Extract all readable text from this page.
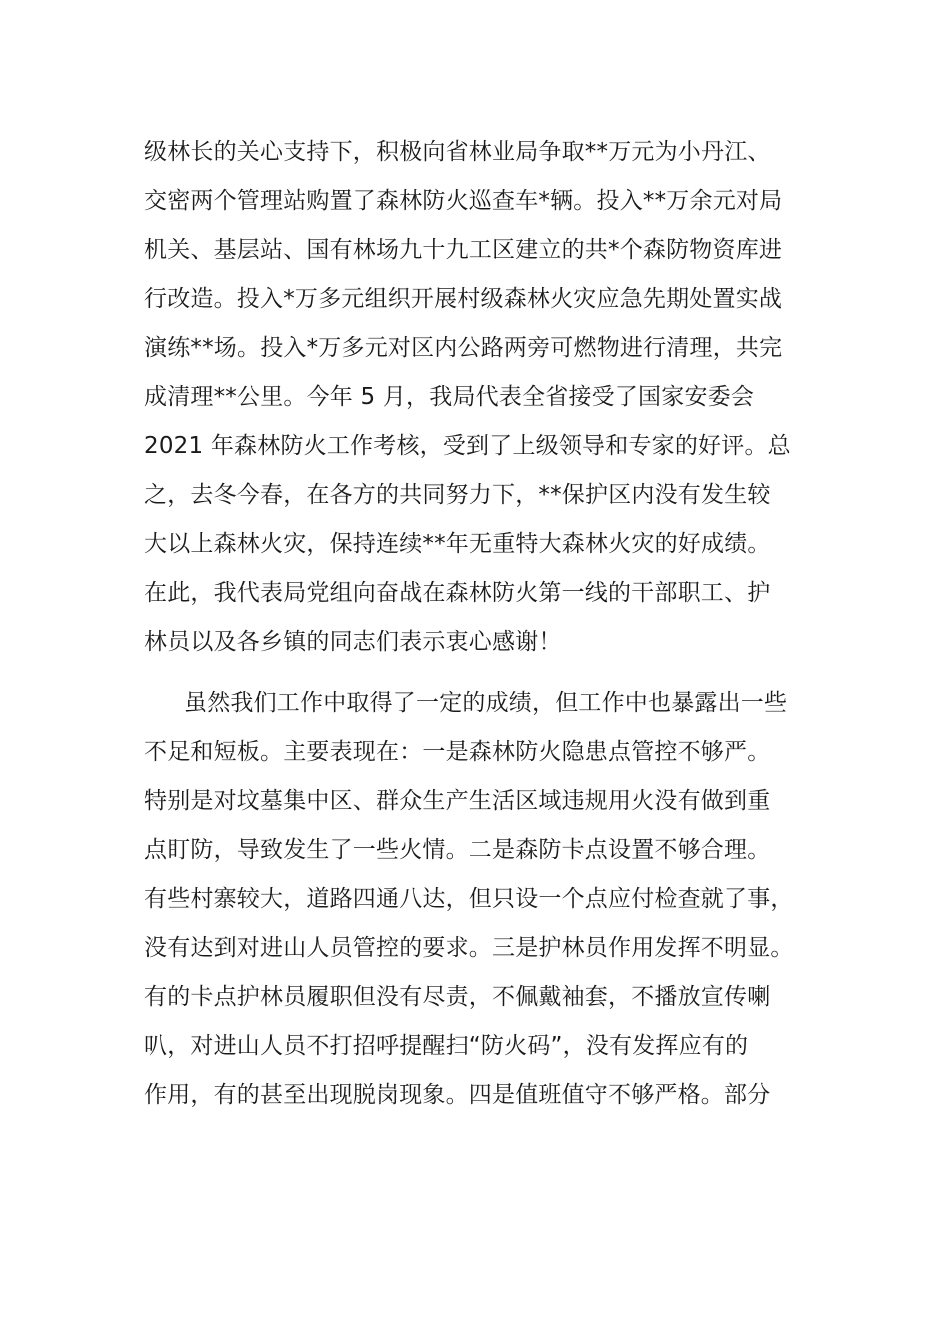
级林长的关心支持下，积极向省林业局争取**万元为小丹江、
交密两个管理站购置了森林防火巡查车*辆。投入**万余元对局
机关、基层站、国有林场九十九工区建立的共*个森防物资库进
行改造。投入*万多元组织开展村级森林火灾应急先期处置实战
演练**场。投入*万多元对区内公路两旁可燃物进行清理，共完
成清理**公里。今年 5 月，我局代表全省接受了国家安委会
2021 年森林防火工作考核，受到了上级领导和专家的好评。总
之，去冬今春，在各方的共同努力下，**保护区内没有发生较
大以上森林火灾，保持连续**年无重特大森林火灾的好成绩。
在此，我代表局党组向奋战在森林防火第一线的干部职工、护
林员以及各乡镇的同志们表示衷心感谢！
虽然我们工作中取得了一定的成绩，但工作中也暴露出一些
不足和短板。主要表现在：一是森林防火隐患点管控不够严。
特别是对坟墓集中区、群众生产生活区域违规用火没有做到重
点盯防，导致发生了一些火情。二是森防卡点设置不够合理。
有些村寨较大，道路四通八达，但只设一个点应付检查就了事，
没有达到对进山人员管控的要求。三是护林员作用发挥不明显。
有的卡点护林员履职但没有尽责，不佩戴袖套，不播放宣传喇
叭，对进山人员不打招呼提醒扫“防火码”，没有发挥应有的
作用，有的甚至出现脱岗现象。四是值班值守不够严格。部分
